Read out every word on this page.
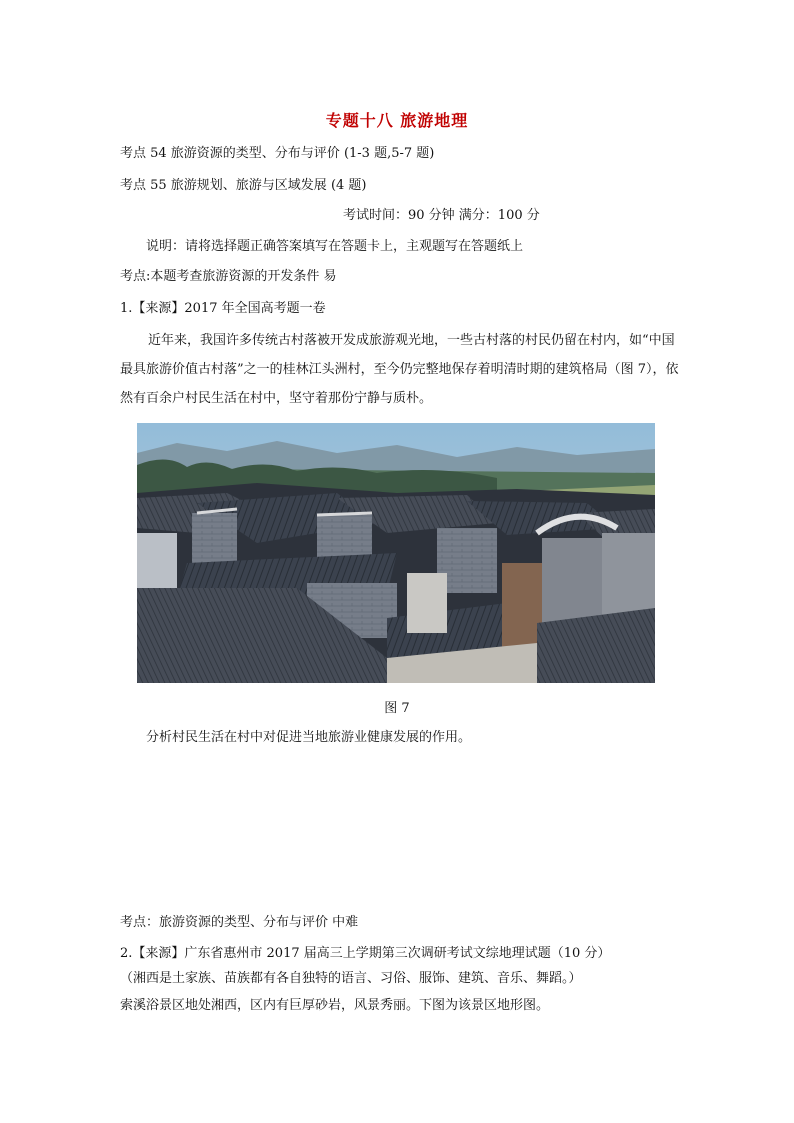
专题十八 旅游地理
考点 54 旅游资源的类型、分布与评价 (1-3 题,5-7 题)
考点 55 旅游规划、旅游与区域发展 (4 题)
考试时间：90 分钟 满分：100 分
说明：请将选择题正确答案填写在答题卡上，主观题写在答题纸上
考点:本题考查旅游资源的开发条件 易
1.【来源】2017 年全国高考题一卷
近年来，我国许多传统古村落被开发成旅游观光地，一些古村落的村民仍留在村内，如“中国最具旅游价值古村落”之一的桂林江头洲村，至今仍完整地保存着明清时期的建筑格局（图 7），依然有百余户村民生活在村中，坚守着那份宁静与质朴。
图 7
分析村民生活在村中对促进当地旅游业健康发展的作用。
考点：旅游资源的类型、分布与评价 中难
2.【来源】广东省惠州市 2017 届高三上学期第三次调研考试文综地理试题（10 分）
（湘西是土家族、苗族都有各自独特的语言、习俗、服饰、建筑、音乐、舞蹈。）
索溪浴景区地处湘西，区内有巨厚砂岩，风景秀丽。下图为该景区地形图。
